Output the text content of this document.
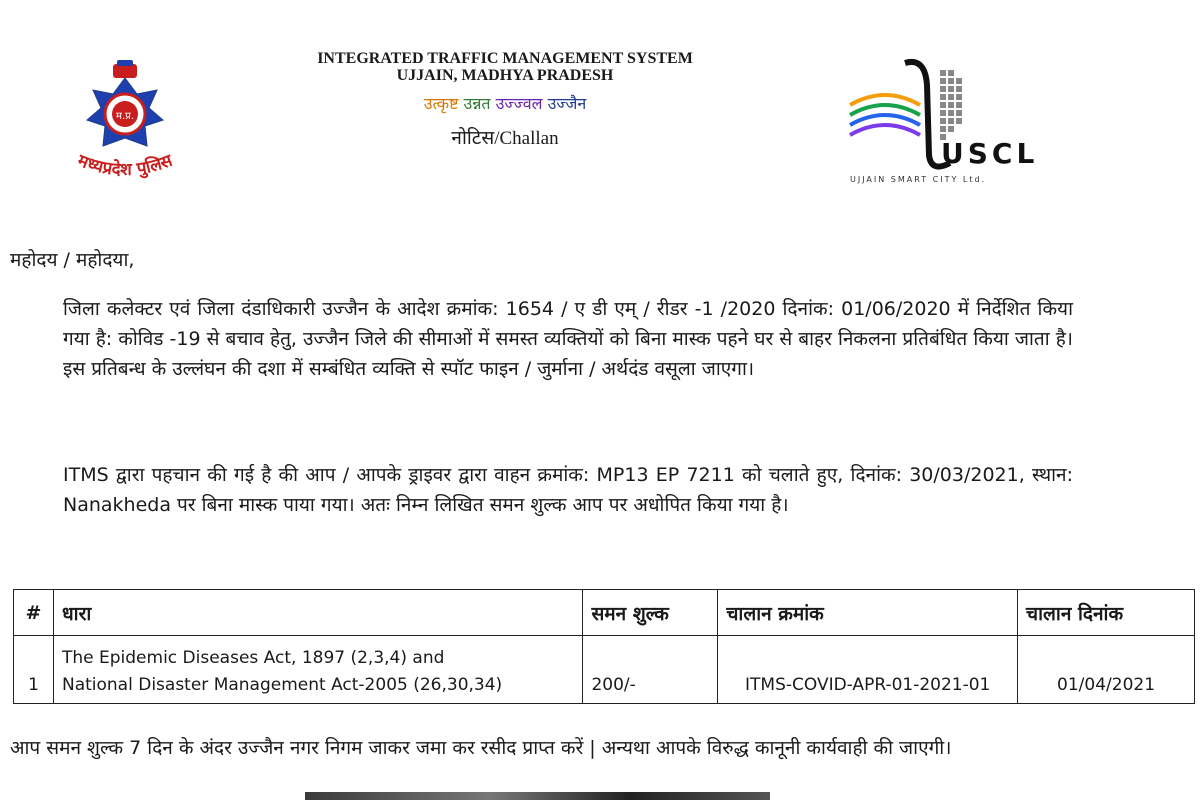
म.प्र.
मध्यप्रदेश पुलिस
INTEGRATED TRAFFIC MANAGEMENT SYSTEM
UJJAIN, MADHYA PRADESH
उत्कृष्ट उन्नत उज्ज्वल उज्जैन
नोटिस/Challan	USCL
UJJAIN SMART CITY Ltd.
महोदय / महोदया,
जिला कलेक्टर एवं जिला दंडाधिकारी उज्जैन के आदेश क्रमांक: 1654 / ए डी एम् / रीडर -1 /2020 दिनांक: 01/06/2020 में निर्देशित किया गया है: कोविड -19 से बचाव हेतु, उज्जैन जिले की सीमाओं में समस्त व्यक्तियों को बिना मास्क पहने घर से बाहर निकलना प्रतिबंधित किया जाता है। इस प्रतिबन्ध के उल्लंघन की दशा में सम्बंधित व्यक्ति से स्पॉट फाइन / जुर्माना / अर्थदंड वसूला जाएगा।
ITMS द्वारा पहचान की गई है की आप / आपके ड्राइवर द्वारा वाहन क्रमांक: MP13 EP 7211 को चलाते हुए, दिनांक: 30/03/2021, स्थान: Nanakheda पर बिना मास्क पाया गया। अतः निम्न लिखित समन शुल्क आप पर अधोपित किया गया है।
#	धारा	समन शुल्क	चालान क्रमांक	चालान दिनांक
1	The Epidemic Diseases Act, 1897 (2,3,4) and
National Disaster Management Act-2005 (26,30,34)	200/-	ITMS-COVID-APR-01-2021-01	01/04/2021
आप समन शुल्क 7 दिन के अंदर उज्जैन नगर निगम जाकर जमा कर रसीद प्राप्त करें | अन्यथा आपके विरुद्ध कानूनी कार्यवाही की जाएगी।
